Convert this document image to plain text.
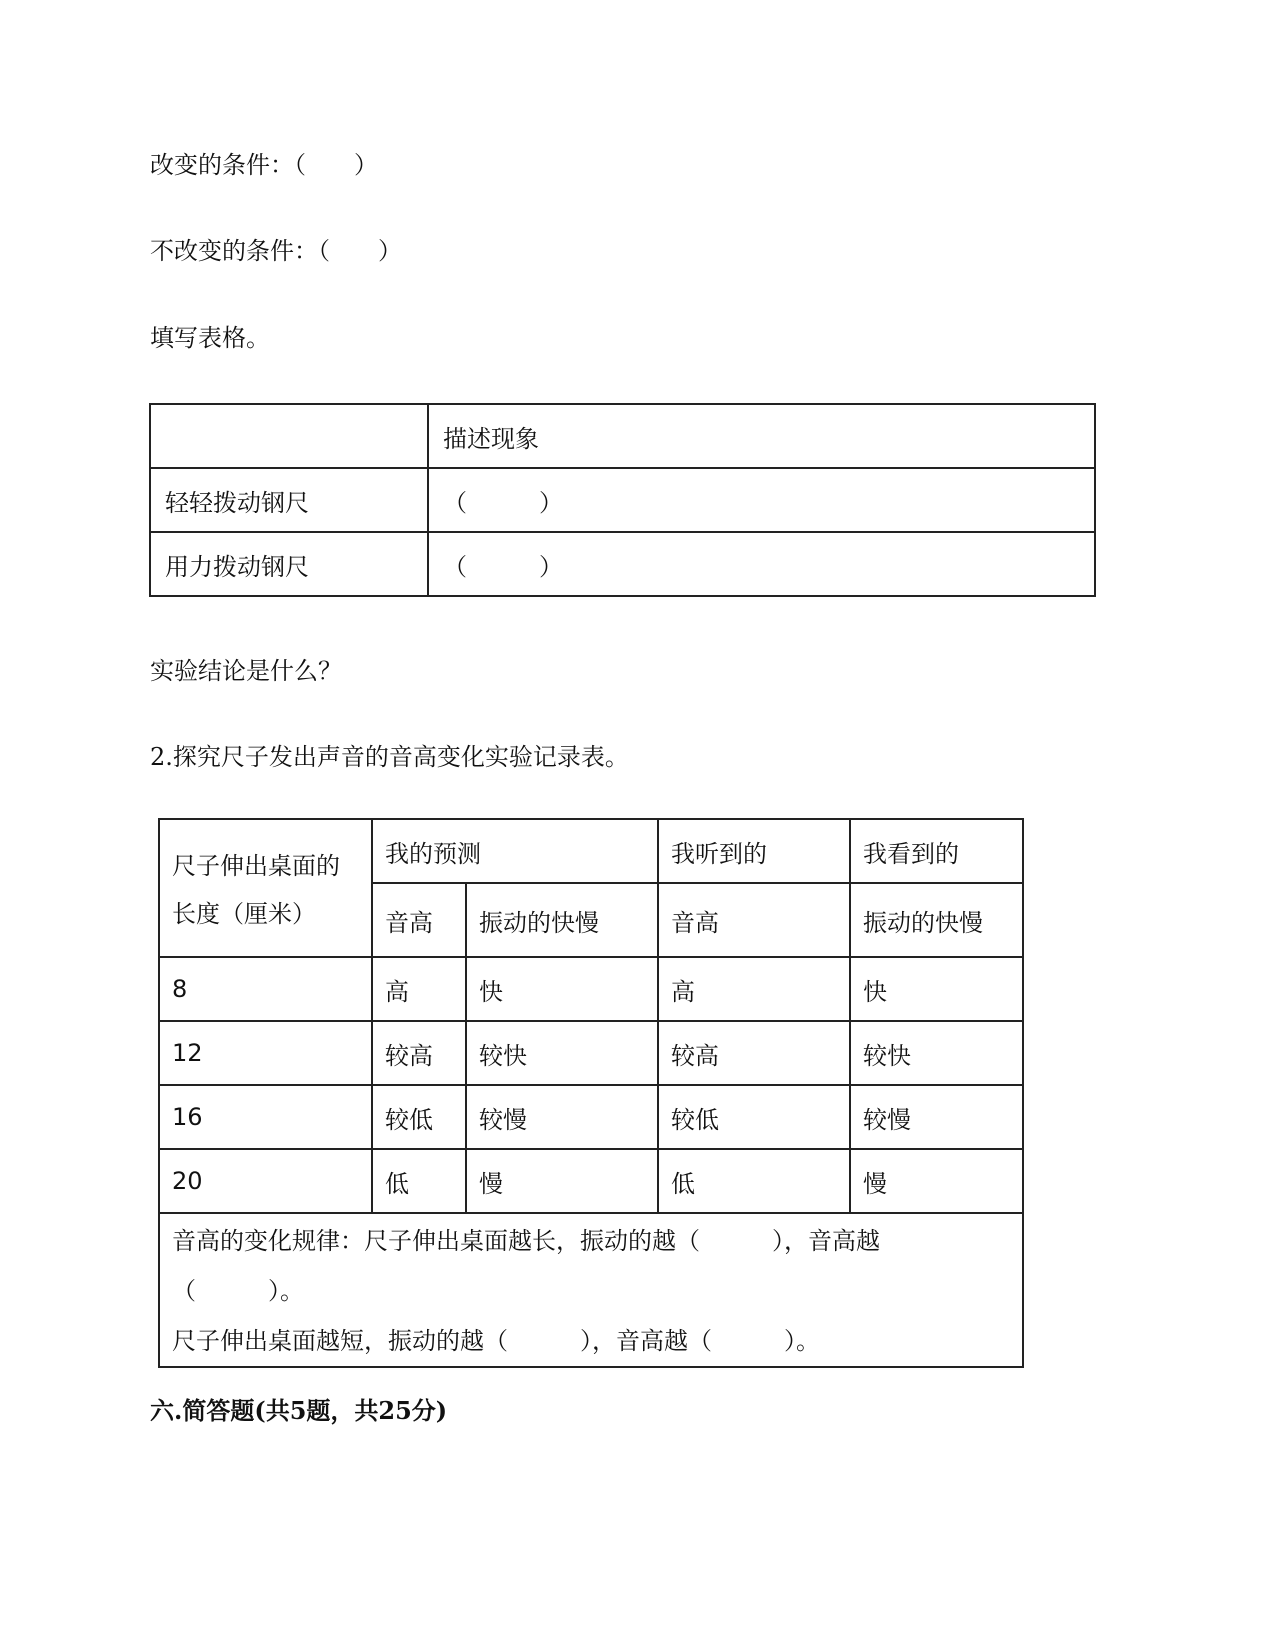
改变的条件：（　　）
不改变的条件：（　　）
填写表格。
	描述现象
轻轻拨动钢尺	（　　　）
用力拨动钢尺	（　　　）
实验结论是什么？
2.探究尺子发出声音的音高变化实验记录表。
尺子伸出桌面的长度（厘米）	我的预测		我听到的	我看到的
	音高	振动的快慢	音高	振动的快慢
8	高	快	高	快
12	较高	较快	较高	较快
16	较低	较慢	较低	较慢
20	低	慢	低	慢

音高的变化规律：尺子伸出桌面越长，振动的越（　　　），音高越（　　　）。
尺子伸出桌面越短，振动的越（　　　），音高越（　　　）。				
六.简答题(共5题，共25分)
